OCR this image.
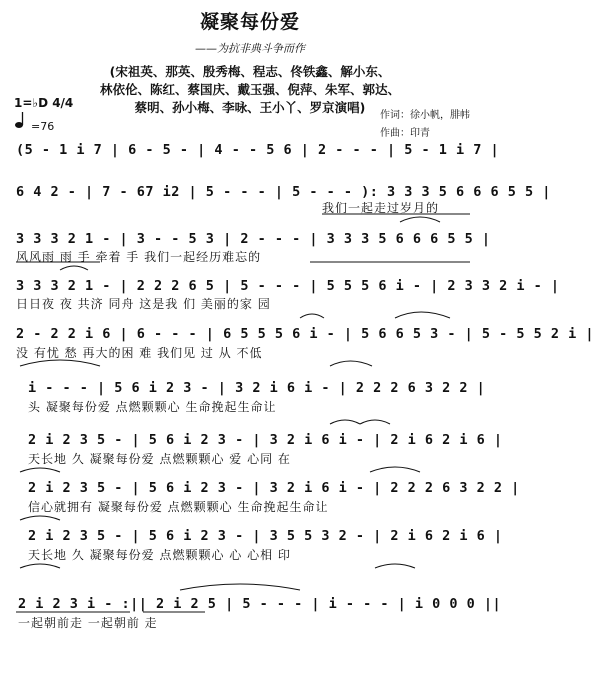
凝聚每份爱
——为抗非典斗争而作
(宋祖英、那英、殷秀梅、程志、佟铁鑫、解小东、
林依伦、陈红、蔡国庆、戴玉强、倪萍、朱军、郭达、
蔡明、孙小梅、李咏、王小丫、罗京演唱)
1=♭D 4/4
=76
作词：徐小帆，腓帏
作曲：印青
(5 - 1 i 7 | 6 - 5 - | 4 - - 5 6 | 2 - - - | 5 - 1 i 7 |
6 4 2 - | 7 - 67 i2 | 5 - - - | 5 - - - ): 3 3 3 5 6 6 6 5 5 |
我们一起走过岁月的
3 3 3 2 1 - | 3 - - 5 3 | 2 - - - | 3 3 3 5 6 6 6 5 5 |
风风雨 雨 手 牵着 手 我们一起经历难忘的
3 3 3 2 1 - | 2 2 2 6 5 | 5 - - - | 5 5 5 6 i - | 2 3 3 2 i - |
日日夜 夜 共济 同舟 这是我 们 美丽的家 园
2 - 2 2 i 6 | 6 - - - | 6 5 5 5 6 i - | 5 6 6 5 3 - | 5 - 5 5 2 i |
没 有忧 愁 再大的困 难 我们见 过 从 不低
i - - - | 5 6 i 2 3 - | 3 2 i 6 i - | 2 2 2 6 3 2 2 |
头 凝聚每份爱 点燃颗颗心 生命挽起生命让
2 i 2 3 5 - | 5 6 i 2 3 - | 3 2 i 6 i - | 2 i 6 2 i 6 |
天长地 久 凝聚每份爱 点燃颗颗心 爱 心同 在
2 i 2 3 5 - | 5 6 i 2 3 - | 3 2 i 6 i - | 2 2 2 6 3 2 2 |
信心就拥有 凝聚每份爱 点燃颗颗心 生命挽起生命让
2 i 2 3 5 - | 5 6 i 2 3 - | 3 5 5 3 2 - | 2 i 6 2 i 6 |
天长地 久 凝聚每份爱 点燃颗颗心 心 心相 印
2 i 2 3 i - :|| 2 i 2 5 | 5 - - - | i - - - | i 0 0 0 ||
一起朝前走 一起朝前 走
